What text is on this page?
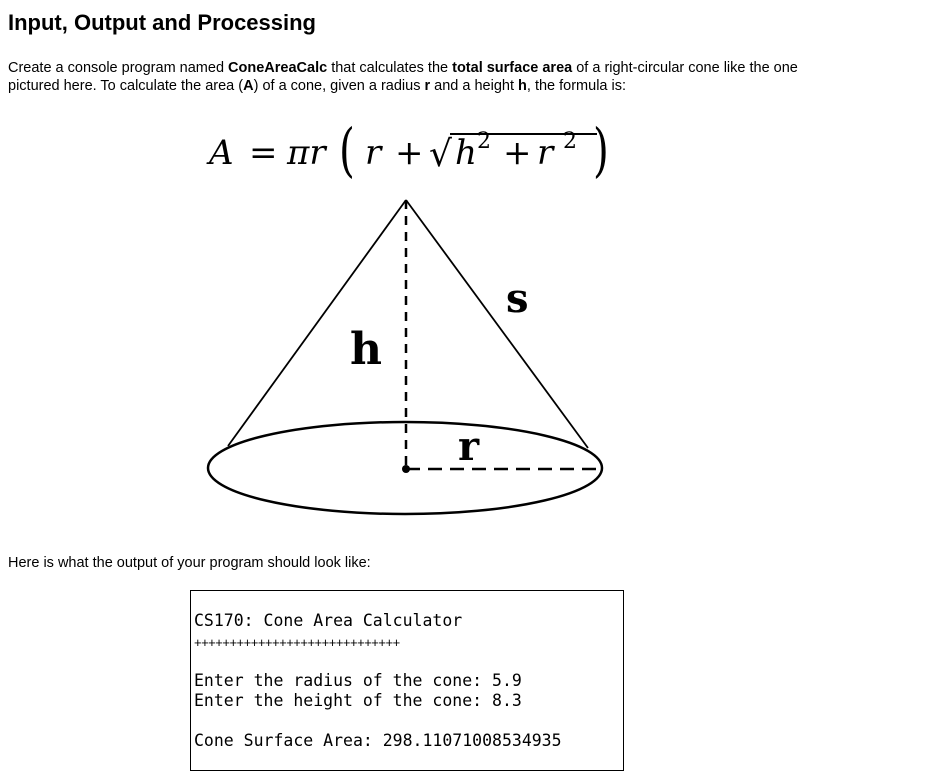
Input, Output and Processing

Create a console program named ConeAreaCalc that calculates the total surface area of a right-circular cone like the one pictured here. To calculate the area (A) of a cone, given a radius r and a height h, the formula is:

A = πr ( r + √ h 2 + r 2 )
h
s
r

Here is what the output of your program should look like:

CS170: Cone Area Calculator
+++++++++++++++++++++++++++++
Enter the radius of the cone: 5.9
Enter the height of the cone: 8.3
Cone Surface Area: 298.11071008534935
